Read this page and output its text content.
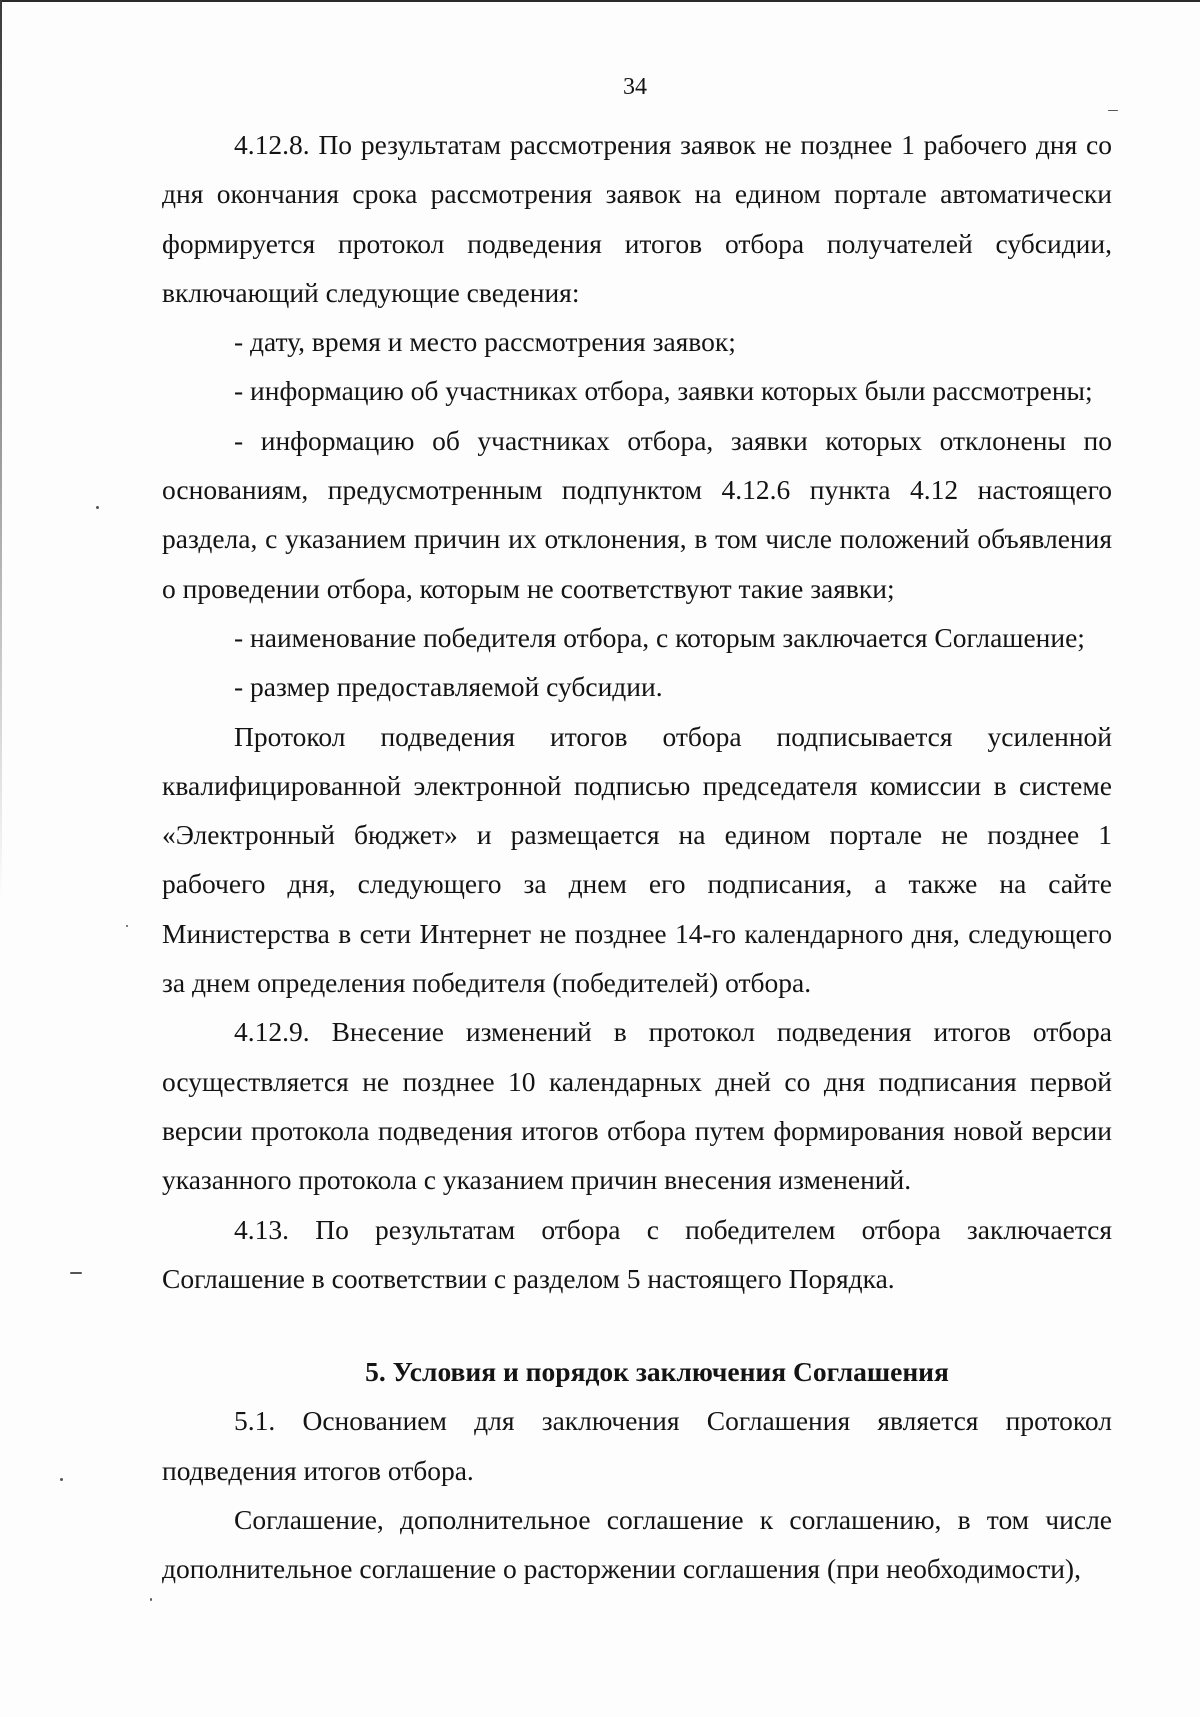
34

4.12.8. По результатам рассмотрения заявок не позднее 1 рабочего дня со дня окончания срока рассмотрения заявок на едином портале автоматически формируется протокол подведения итогов отбора получателей субсидии, включающий следующие сведения:

- дату, время и место рассмотрения заявок;

- информацию об участниках отбора, заявки которых были рассмотрены;

- информацию об участниках отбора, заявки которых отклонены по основаниям, предусмотренным подпунктом 4.12.6 пункта 4.12 настоящего раздела, с указанием причин их отклонения, в том числе положений объявления о проведении отбора, которым не соответствуют такие заявки;

- наименование победителя отбора, с которым заключается Соглашение;

- размер предоставляемой субсидии.

Протокол подведения итогов отбора подписывается усиленной квалифицированной электронной подписью председателя комиссии в системе «Электронный бюджет» и размещается на едином портале не позднее 1 рабочего дня, следующего за днем его подписания, а также на сайте Министерства в сети Интернет не позднее 14-го календарного дня, следующего за днем определения победителя (победителей) отбора.

4.12.9. Внесение изменений в протокол подведения итогов отбора осуществляется не позднее 10 календарных дней со дня подписания первой версии протокола подведения итогов отбора путем формирования новой версии указанного протокола с указанием причин внесения изменений.

4.13. По результатам отбора с победителем отбора заключается Соглашение в соответствии с разделом 5 настоящего Порядка.

5. Условия и порядок заключения Соглашения

5.1. Основанием для заключения Соглашения является протокол подведения итогов отбора.

Соглашение, дополнительное соглашение к соглашению, в том числе дополнительное соглашение о расторжении соглашения (при необходимости),
